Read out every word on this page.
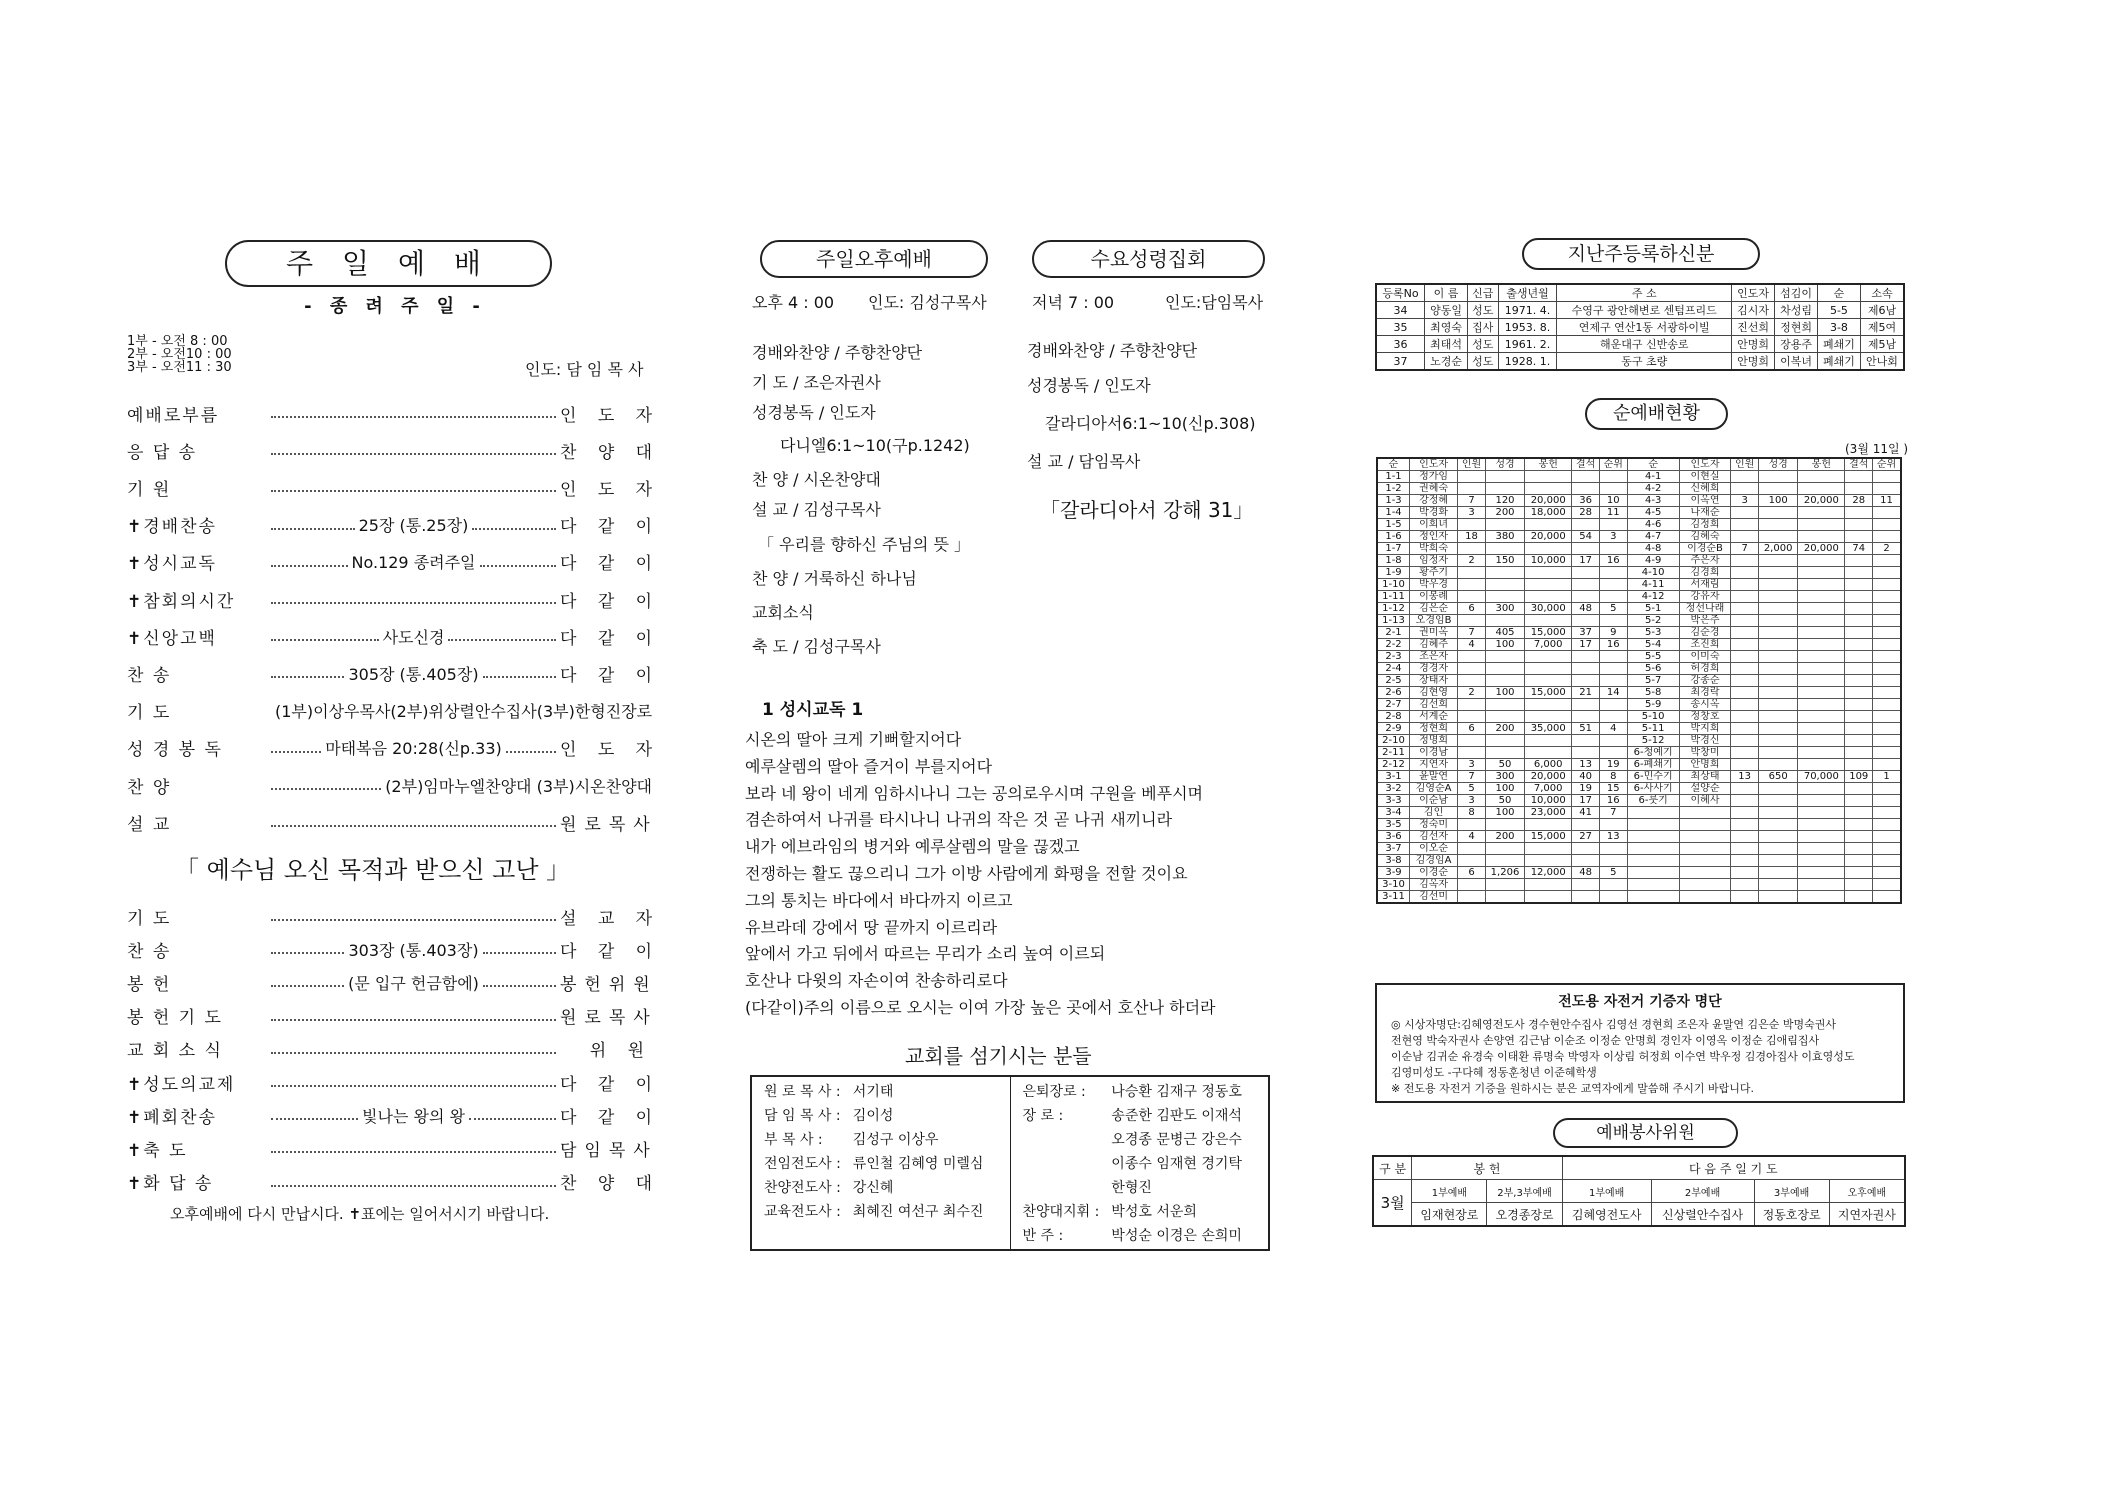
주 일 예 배
- 종 려 주 일 -
1부 - 오전 8 : 00
2부 - 오전10 : 00
3부 - 오전11 : 30	인도: 담 임 목 사
예배로부름	인 도 자
응 답 송	찬 양 대
기 원	인 도 자
✝경배찬송	25장 (통.25장)	다 같 이
✝성시교독	No.129 종려주일	다 같 이
✝참회의시간	다 같 이
✝신앙고백	사도신경	다 같 이
찬 송	305장 (통.405장)	다 같 이
기 도	(1부)이상우목사(2부)위상렬안수집사(3부)한형진장로
성 경 봉 독	마태복음 20:28(신p.33)	인 도 자
찬 양	(2부)임마누엘찬양대 (3부)시온찬양대
설 교	원로목사
「 예수님 오신 목적과 받으신 고난 」
기 도	설 교 자
찬 송	303장 (통.403장)	다 같 이
봉 헌	(문 입구 헌금함에)	봉헌위원
봉 헌 기 도	원로목사
교 회 소 식	위 원
✝성도의교제	다 같 이
✝폐회찬송	빛나는 왕의 왕	다 같 이
✝축 도	담임목사
✝화 답 송	찬 양 대
오후예배에 다시 만납시다. ✝표에는 일어서시기 바랍니다.
주일오후예배	수요성령집회
오후 4 : 00 인도: 김성구목사	저녁 7 : 00	인도:담임목사
경배와찬양 / 주향찬양단
기 도 / 조은자권사
성경봉독 / 인도자
다니엘6:1~10(구p.1242)
찬 양 / 시온찬양대
설 교 / 김성구목사
「 우리를 향하신 주님의 뜻 」
찬 양 / 거룩하신 하나님
교회소식
축 도 / 김성구목사
경배와찬양 / 주향찬양단
성경봉독 / 인도자
갈라디아서6:1~10(신p.308)
설 교 / 담임목사
「갈라디아서 강해 31」
1 성시교독 1
시온의 딸아 크게 기뻐할지어다
예루살렘의 딸아 즐거이 부를지어다
보라 네 왕이 네게 임하시나니 그는 공의로우시며 구원을 베푸시며
겸손하여서 나귀를 타시나니 나귀의 작은 것 곧 나귀 새끼니라
내가 에브라임의 병거와 예루살렘의 말을 끊겠고
전쟁하는 활도 끊으리니 그가 이방 사람에게 화평을 전할 것이요
그의 통치는 바다에서 바다까지 이르고
유브라데 강에서 땅 끝까지 이르리라
앞에서 가고 뒤에서 따르는 무리가 소리 높여 이르되
호산나 다윗의 자손이여 찬송하리로다
(다같이)주의 이름으로 오시는 이여 가장 높은 곳에서 호산나 하더라
교회를 섬기시는 분들
원 로 목 사 :	서기태
담 임 목 사 :	김이성
부 목 사 :	김성구 이상우
전임전도사 :	류인철 김혜영 미렐심
찬양전도사 :	강신혜
교육전도사 :	최혜진 여선구 최수진

은퇴장로 :	나승환 김재구 정동호
장 로 :	송준한 김판도 이재석
	오경종 문병근 강은수
	이종수 임재현 경기탁
	한형진
찬양대지휘 :	박성호 서운희
반 주 :	박성순 이경은 손희미
지난주등록하신분
등록No	이 름	신급	출생년월	주 소	인도자	섬김이	순	소속
34	양동일	성도	1971. 4.	수영구 광안해변로 센텀프리드	김시자	차성림	5-5	제6남
35	최영숙	집사	1953. 8.	연제구 연산1동 서광하이빌	진선희	정현희	3-8	제5여
36	최태석	성도	1961. 2.	해운대구 신반송로	안명희	장용주	폐쇄기	제5남
37	노경순	성도	1928. 1.	동구 초량	안명희	이복녀	폐쇄기	안나회
순예배현황
(3월 11일 )
순	인도자	인원	성경	봉헌	결석	순위	순	인도자	인원	성경	봉헌	결석	순위
1-1	정가임						4-1	이현실					
1-2	권혜숙						4-2	신혜희					
1-3	강정혜	7	120	20,000	36	10	4-3	이옥연	3	100	20,000	28	11
1-4	박경화	3	200	18,000	28	11	4-5	나재순					
1-5	이희녀						4-6	김정희					
1-6	정인자	18	380	20,000	54	3	4-7	김혜숙					
1-7	박희숙						4-8	이경순B	7	2,000	20,000	74	2
1-8	임정자	2	150	10,000	17	16	4-9	주은자					
1-9	황주기						4-10	김경희					
1-10	박우경						4-11	서재림					
1-11	이봉례						4-12	강유자					
1-12	김은순	6	300	30,000	48	5	5-1	정선나래					
1-13	오경임B						5-2	박은주					
2-1	권미옥	7	405	15,000	37	9	5-3	김순경					
2-2	김혜주	4	100	7,000	17	16	5-4	조진희					
2-3	조은자						5-5	이미숙					
2-4	경경자						5-6	허경희					
2-5	장태자						5-7	강종순					
2-6	김현영	2	100	15,000	21	14	5-8	최경락					
2-7	김선희						5-9	송시옥					
2-8	서계순						5-10	정창호					
2-9	정현희	6	200	35,000	51	4	5-11	박지희					
2-10	정명희						5-12	박경신					
2-11	이경남						6-청예기	박창미					
2-12	지연자	3	50	6,000	13	19	6-폐쇄기	안명희					
3-1	윤말연	7	300	20,000	40	8	6-민수기	최상태	13	650	70,000	109	1
3-2	김영순A	5	100	7,000	19	15	6-사사기	설양순					
3-3	이순남	3	50	10,000	17	16	6-룻기	이혜사					
3-4	김인	8	100	23,000	41	7							
3-5	정숙미												
3-6	김선자	4	200	15,000	27	13							
3-7	이오순												
3-8	김경임A												
3-9	이경순	6	1,206	12,000	48	5							
3-10	김옥자												
3-11	김선미												
전도용 자전거 기증자 명단
◎ 시상자명단:김혜영전도사 경수현안수집사 김영선 경현희 조은자 윤말연 김은순 박명숙권사
전현영 박숙자권사 손양연 김근남 이순조 이정순 안명희 경인자 이영옥 이정순 김애림집사
이순남 김귀순 유경숙 이태환 류명숙 박영자 이상림 허정희 이수연 박우정 김경아집사 이효영성도
김영미성도 -구다혜 정동훈청년 이준혜학생
※ 전도용 자전거 기증을 원하시는 분은 교역자에게 말씀해 주시기 바랍니다.
예배봉사위원
구 분	봉 헌		다 음 주 일 기 도			
3월	1부예배	2부,3부예배	1부예배	2부예배	3부예배	오후예배
	임재현장로	오경종장로	김혜영전도사	신상렬안수집사	정동호장로	지연자권사
